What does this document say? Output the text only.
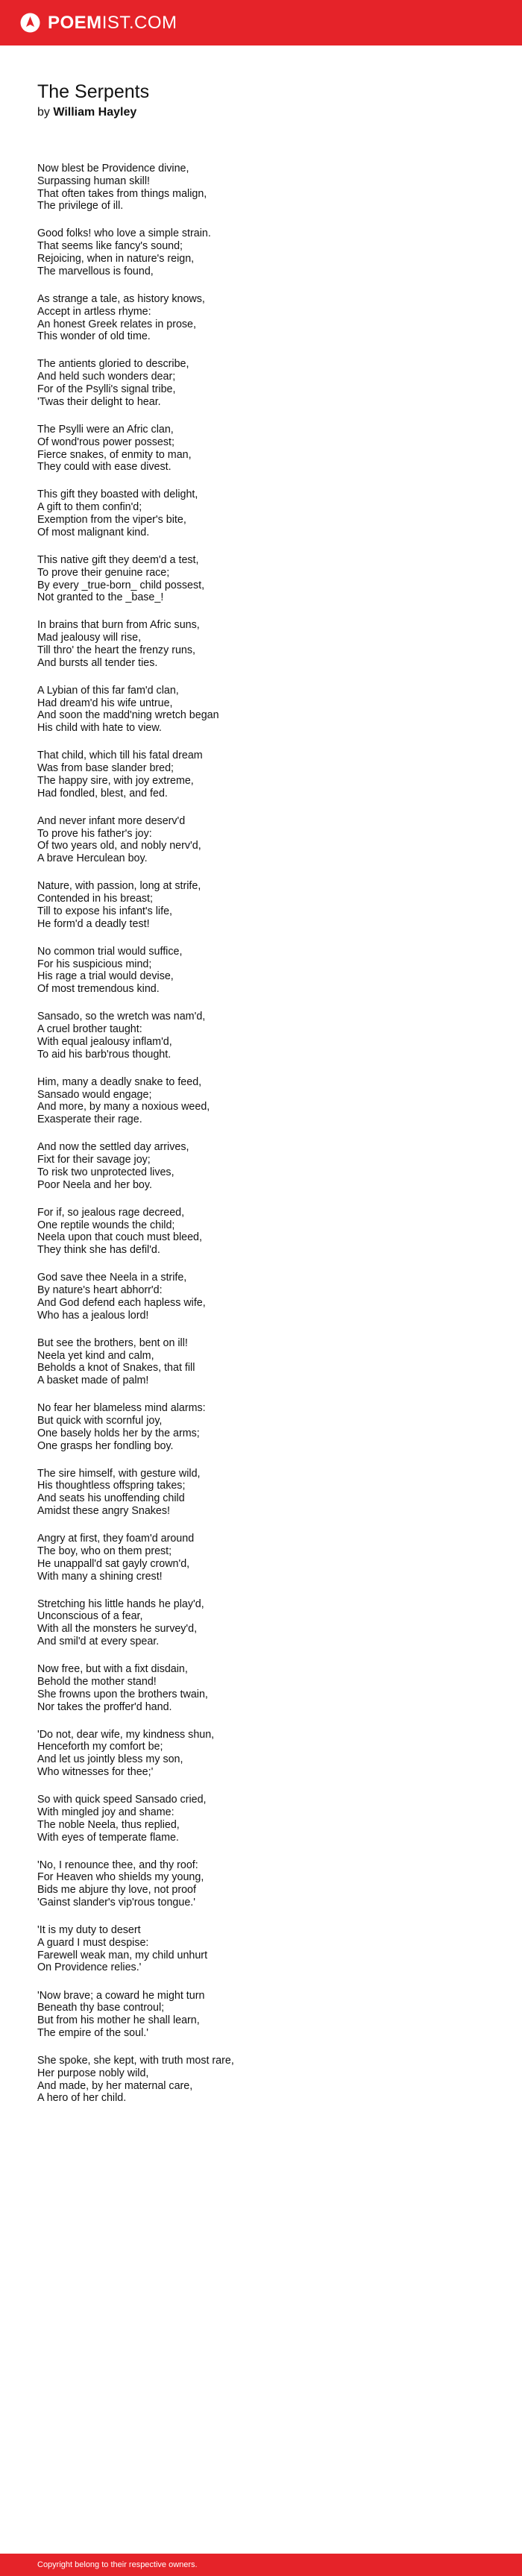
POEMIST.COM
The Serpents
by William Hayley
Now blest be Providence divine,
Surpassing human skill!
That often takes from things malign,
The privilege of ill.
Good folks! who love a simple strain.
That seems like fancy's sound;
Rejoicing, when in nature's reign,
The marvellous is found,
As strange a tale, as history knows,
Accept in artless rhyme:
An honest Greek relates in prose,
This wonder of old time.
The antients gloried to describe,
And held such wonders dear;
For of the Psylli's signal tribe,
'Twas their delight to hear.
The Psylli were an Afric clan,
Of wond'rous power possest;
Fierce snakes, of enmity to man,
They could with ease divest.
This gift they boasted with delight,
A gift to them confin'd;
Exemption from the viper's bite,
Of most malignant kind.
This native gift they deem'd a test,
To prove their genuine race;
By every _true-born_ child possest,
Not granted to the _base_!
In brains that burn from Afric suns,
Mad jealousy will rise,
Till thro' the heart the frenzy runs,
And bursts all tender ties.
A Lybian of this far fam'd clan,
Had dream'd his wife untrue,
And soon the madd'ning wretch began
His child with hate to view.
That child, which till his fatal dream
Was from base slander bred;
The happy sire, with joy extreme,
Had fondled, blest, and fed.
And never infant more deserv'd
To prove his father's joy:
Of two years old, and nobly nerv'd,
A brave Herculean boy.
Nature, with passion, long at strife,
Contended in his breast;
Till to expose his infant's life,
He form'd a deadly test!
No common trial would suffice,
For his suspicious mind;
His rage a trial would devise,
Of most tremendous kind.
Sansado, so the wretch was nam'd,
A cruel brother taught:
With equal jealousy inflam'd,
To aid his barb'rous thought.
Him, many a deadly snake to feed,
Sansado would engage;
And more, by many a noxious weed,
Exasperate their rage.
And now the settled day arrives,
Fixt for their savage joy;
To risk two unprotected lives,
Poor Neela and her boy.
For if, so jealous rage decreed,
One reptile wounds the child;
Neela upon that couch must bleed,
They think she has defil'd.
God save thee Neela in a strife,
By nature's heart abhorr'd:
And God defend each hapless wife,
Who has a jealous lord!
But see the brothers, bent on ill!
Neela yet kind and calm,
Beholds a knot of Snakes, that fill
A basket made of palm!
No fear her blameless mind alarms:
But quick with scornful joy,
One basely holds her by the arms;
One grasps her fondling boy.
The sire himself, with gesture wild,
His thoughtless offspring takes;
And seats his unoffending child
Amidst these angry Snakes!
Angry at first, they foam'd around
The boy, who on them prest;
He unappall'd sat gayly crown'd,
With many a shining crest!
Stretching his little hands he play'd,
Unconscious of a fear,
With all the monsters he survey'd,
And smil'd at every spear.
Now free, but with a fixt disdain,
Behold the mother stand!
She frowns upon the brothers twain,
Nor takes the proffer'd hand.
'Do not, dear wife, my kindness shun,
Henceforth my comfort be;
And let us jointly bless my son,
Who witnesses for thee;'
So with quick speed Sansado cried,
With mingled joy and shame:
The noble Neela, thus replied,
With eyes of temperate flame.
'No, I renounce thee, and thy roof:
For Heaven who shields my young,
Bids me abjure thy love, not proof
'Gainst slander's vip'rous tongue.'
'It is my duty to desert
A guard I must despise:
Farewell weak man, my child unhurt
On Providence relies.'
'Now brave; a coward he might turn
Beneath thy base controul;
But from his mother he shall learn,
The empire of the soul.'
She spoke, she kept, with truth most rare,
Her purpose nobly wild,
And made, by her maternal care,
A hero of her child.
Copyright belong to their respective owners.
